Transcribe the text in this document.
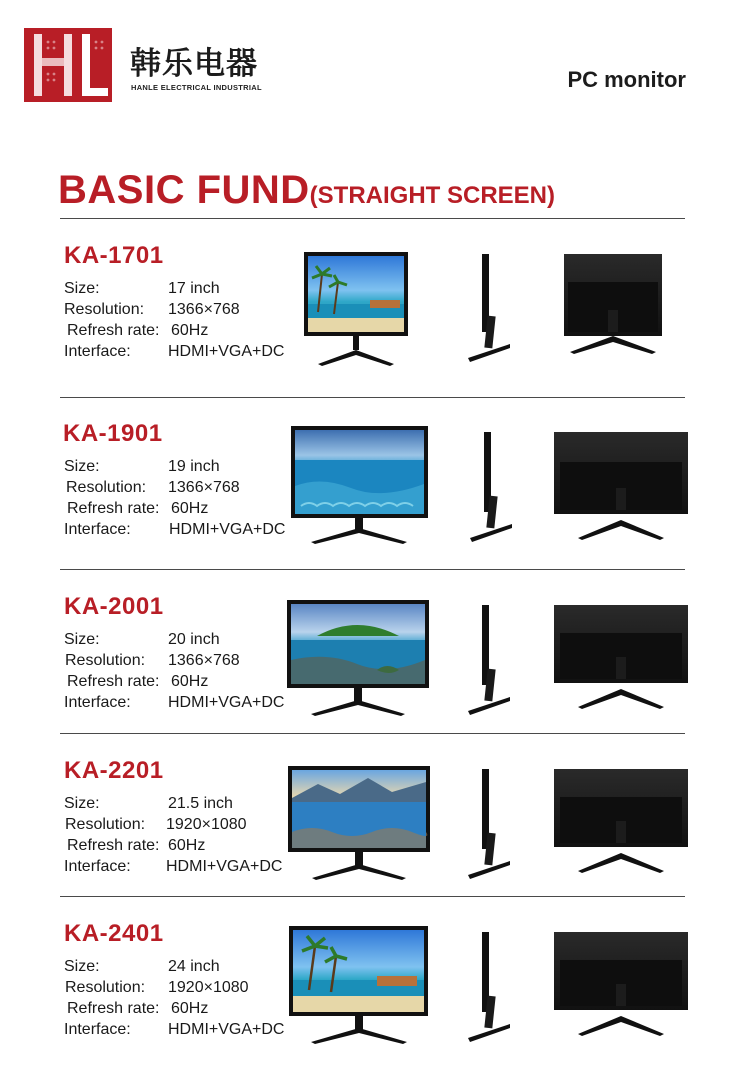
韩乐电器
HANLE ELECTRICAL INDUSTRIAL	PC monitor
BASIC FUND(STRAIGHT SCREEN)
KA-1701
Size:	17 inch
Resolution: 1366×768
Refresh rate: 60Hz
Interface: HDMI+VGA+DC
KA-1901
Size:	19 inch
Resolution: 1366×768
Refresh rate: 60Hz
Interface: HDMI+VGA+DC
KA-2001
Size:	20 inch
Resolution: 1366×768
Refresh rate: 60Hz
Interface: HDMI+VGA+DC
KA-2201
Size:	21.5 inch
Resolution: 1920×1080
Refresh rate: 60Hz
Interface: HDMI+VGA+DC
KA-2401
Size:	24 inch
Resolution: 1920×1080
Refresh rate: 60Hz
Interface: HDMI+VGA+DC
